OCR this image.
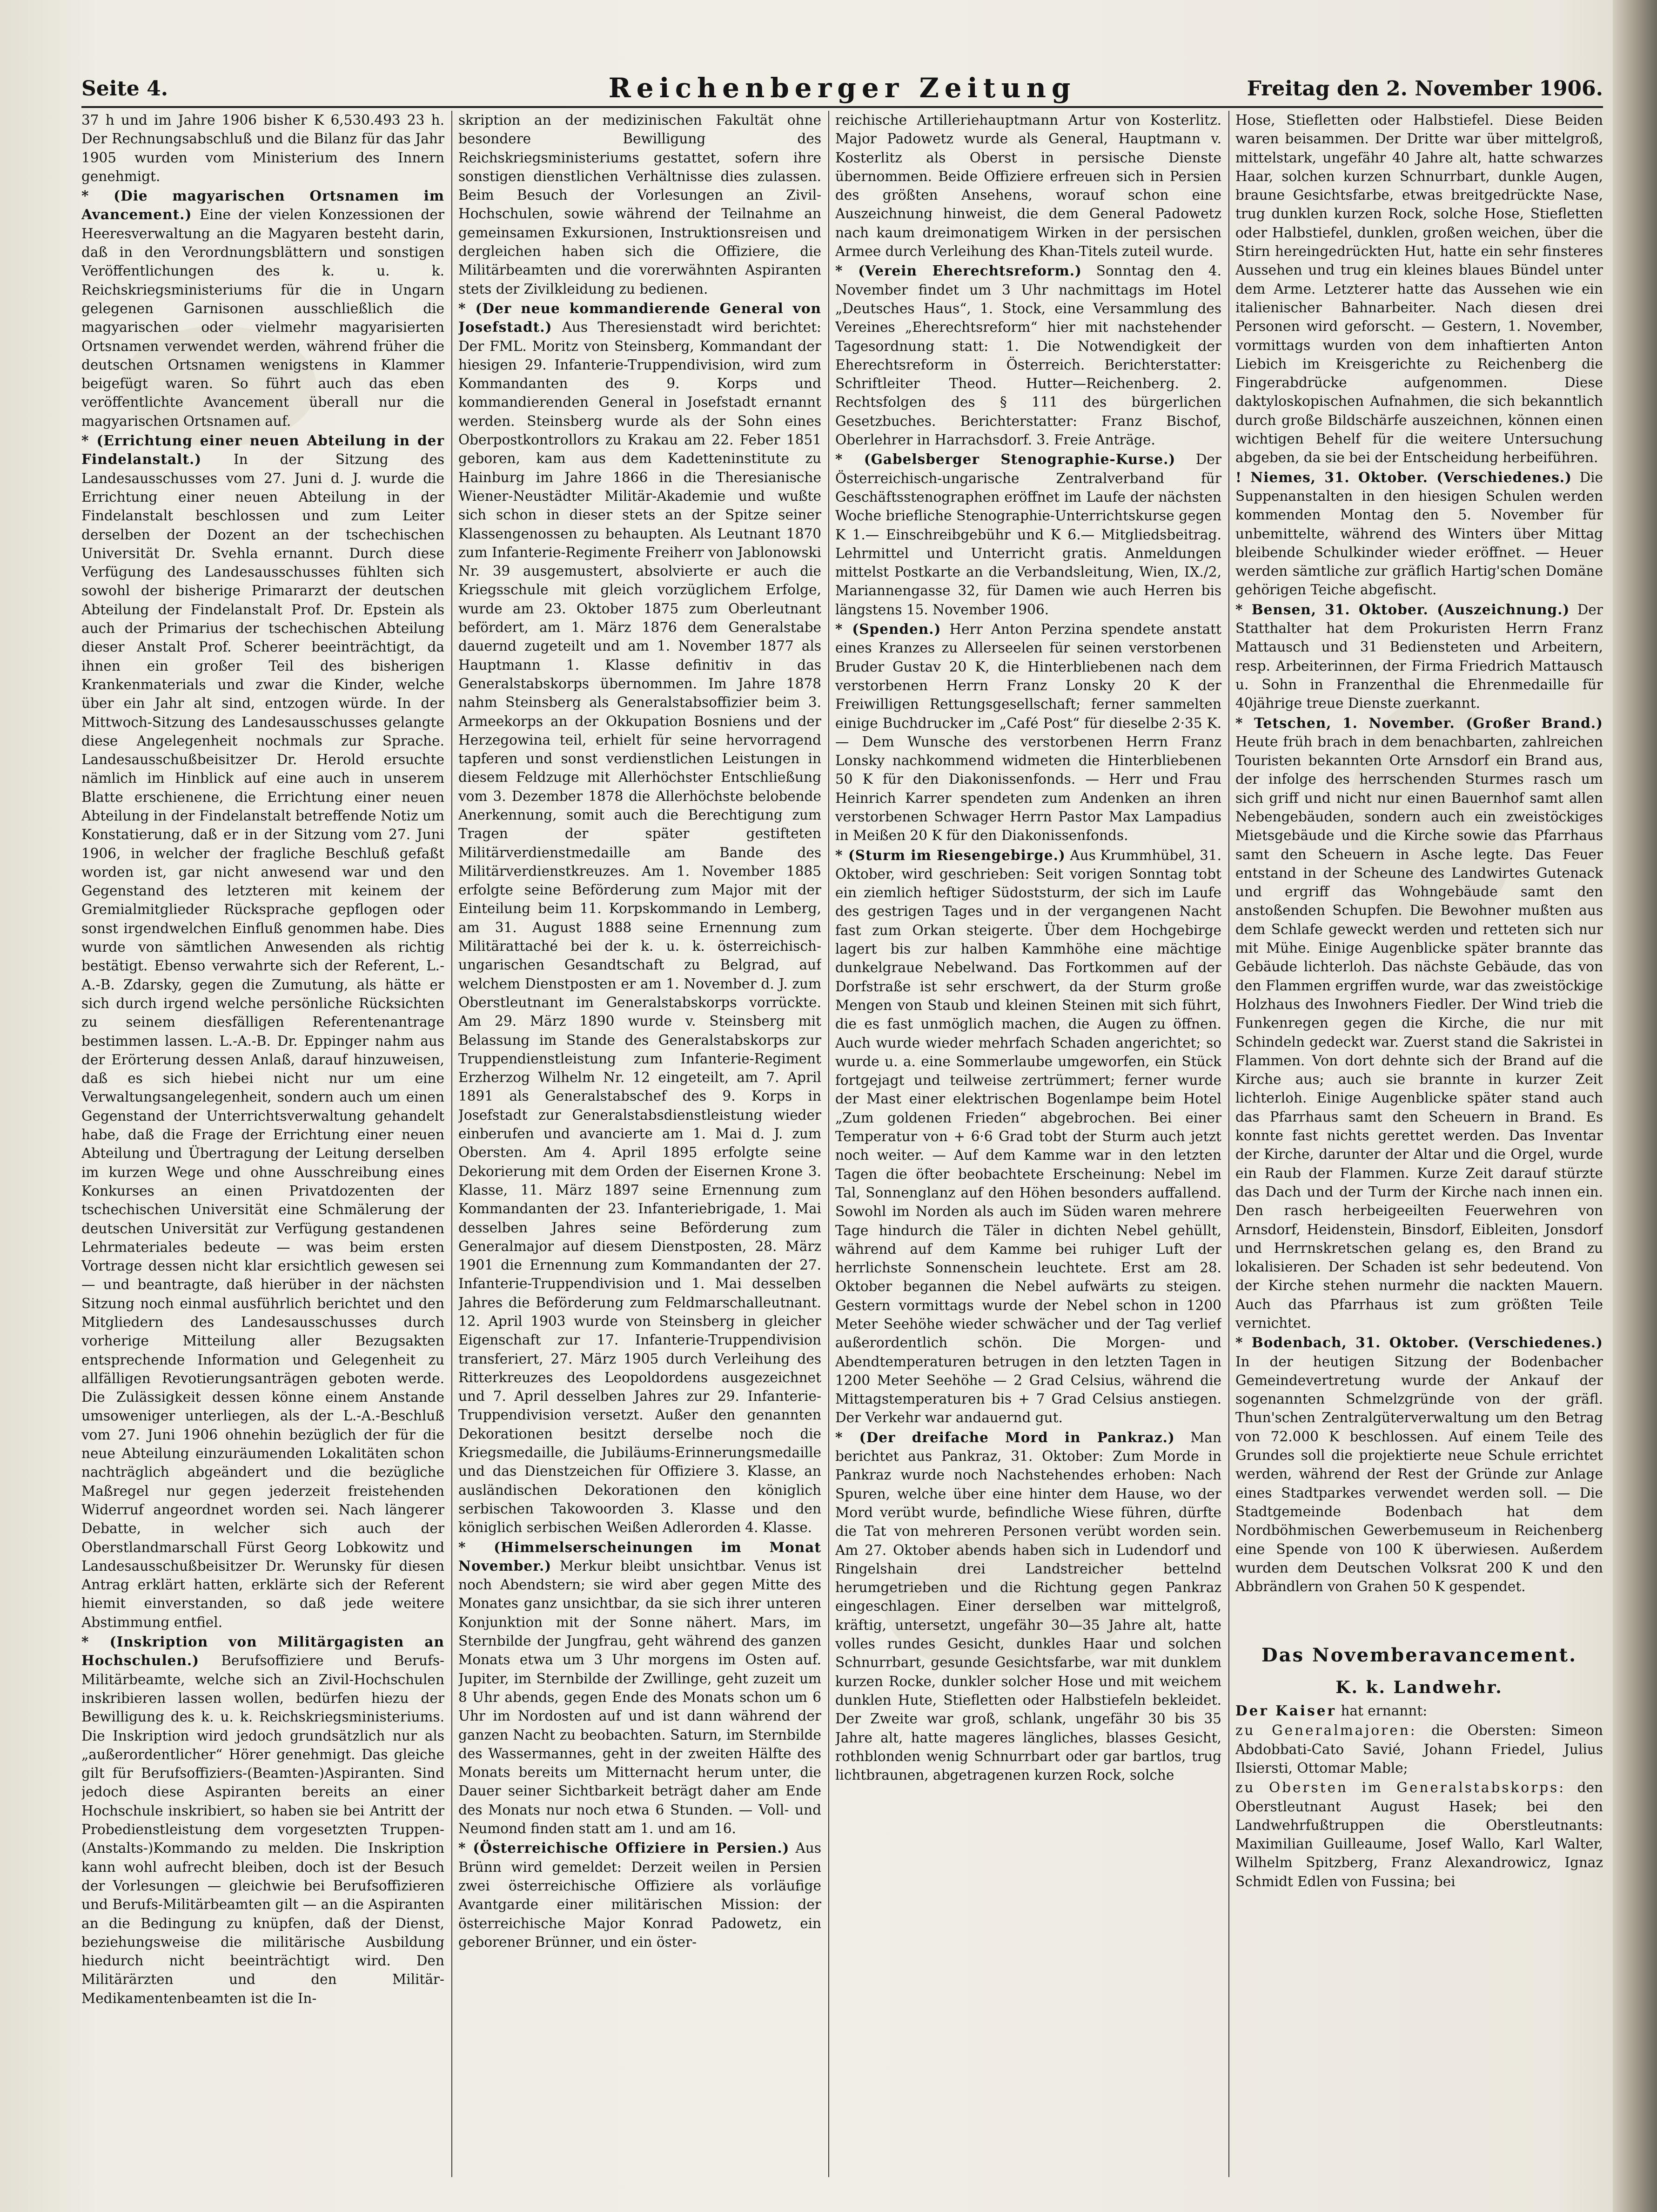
Seite 4.	Reichenberger Zeitung	Freitag den 2. November 1906.

37 h und im Jahre 1906 bisher K 6,530.493 23 h. Der Rechnungsabschluß und die Bilanz für das Jahr 1905 wurden vom Ministerium des Innern genehmigt.

* (Die magyarischen Ortsnamen im Avancement.) Eine der vielen Konzessionen der Heeresverwaltung an die Magyaren besteht darin, daß in den Verordnungsblättern und sonstigen Veröffentlichungen des k. u. k. Reichskriegsministeriums für die in Ungarn gelegenen Garnisonen ausschließlich die magyarischen oder vielmehr magyarisierten Ortsnamen verwendet werden, während früher die deutschen Ortsnamen wenigstens in Klammer beigefügt waren. So führt auch das eben veröffentlichte Avancement überall nur die magyarischen Ortsnamen auf.

* (Errichtung einer neuen Abteilung in der Findelanstalt.) In der Sitzung des Landesausschusses vom 27. Juni d. J. wurde die Errichtung einer neuen Abteilung in der Findelanstalt beschlossen und zum Leiter derselben der Dozent an der tschechischen Universität Dr. Svehla ernannt. Durch diese Verfügung des Landesausschusses fühlten sich sowohl der bisherige Primararzt der deutschen Abteilung der Findelanstalt Prof. Dr. Epstein als auch der Primarius der tschechischen Abteilung dieser Anstalt Prof. Scherer beeinträchtigt, da ihnen ein großer Teil des bisherigen Krankenmaterials und zwar die Kinder, welche über ein Jahr alt sind, entzogen würde. In der Mittwoch-Sitzung des Landesausschusses gelangte diese Angelegenheit nochmals zur Sprache. Landesausschußbeisitzer Dr. Herold ersuchte nämlich im Hinblick auf eine auch in unserem Blatte erschienene, die Errichtung einer neuen Abteilung in der Findelanstalt betreffende Notiz um Konstatierung, daß er in der Sitzung vom 27. Juni 1906, in welcher der fragliche Beschluß gefaßt worden ist, gar nicht anwesend war und den Gegenstand des letzteren mit keinem der Gremialmitglieder Rücksprache gepflogen oder sonst irgendwelchen Einfluß genommen habe. Dies wurde von sämtlichen Anwesenden als richtig bestätigt. Ebenso verwahrte sich der Referent, L.-A.-B. Zdarsky, gegen die Zumutung, als hätte er sich durch irgend welche persönliche Rücksichten zu seinem diesfälligen Referentenantrage bestimmen lassen. L.-A.-B. Dr. Eppinger nahm aus der Erörterung dessen Anlaß, darauf hinzuweisen, daß es sich hiebei nicht nur um eine Verwaltungsangelegenheit, sondern auch um einen Gegenstand der Unterrichtsverwaltung gehandelt habe, daß die Frage der Errichtung einer neuen Abteilung und Übertragung der Leitung derselben im kurzen Wege und ohne Ausschreibung eines Konkurses an einen Privatdozenten der tschechischen Universität eine Schmälerung der deutschen Universität zur Verfügung gestandenen Lehrmateriales bedeute — was beim ersten Vortrage dessen nicht klar ersichtlich gewesen sei — und beantragte, daß hierüber in der nächsten Sitzung noch einmal ausführlich berichtet und den Mitgliedern des Landesausschusses durch vorherige Mitteilung aller Bezugsakten entsprechende Information und Gelegenheit zu allfälligen Revotierungsanträgen geboten werde. Die Zulässigkeit dessen könne einem Anstande umsoweniger unterliegen, als der L.-A.-Beschluß vom 27. Juni 1906 ohnehin bezüglich der für die neue Abteilung einzuräumenden Lokalitäten schon nachträglich abgeändert und die bezügliche Maßregel nur gegen jederzeit freistehenden Widerruf angeordnet worden sei. Nach längerer Debatte, in welcher sich auch der Oberstlandmarschall Fürst Georg Lobkowitz und Landesausschußbeisitzer Dr. Werunsky für diesen Antrag erklärt hatten, erklärte sich der Referent hiemit einverstanden, so daß jede weitere Abstimmung entfiel.

* (Inskription von Militärgagisten an Hochschulen.) Berufsoffiziere und Berufs-Militärbeamte, welche sich an Zivil-Hochschulen inskribieren lassen wollen, bedürfen hiezu der Bewilligung des k. u. k. Reichskriegsministeriums. Die Inskription wird jedoch grundsätzlich nur als „außerordentlicher“ Hörer genehmigt. Das gleiche gilt für Berufsoffiziers-(Beamten-)Aspiranten. Sind jedoch diese Aspiranten bereits an einer Hochschule inskribiert, so haben sie bei Antritt der Probedienstleistung dem vorgesetzten Truppen-(Anstalts-)Kommando zu melden. Die Inskription kann wohl aufrecht bleiben, doch ist der Besuch der Vorlesungen — gleichwie bei Berufsoffizieren und Berufs-Militärbeamten gilt — an die Aspiranten an die Bedingung zu knüpfen, daß der Dienst, beziehungsweise die militärische Ausbildung hiedurch nicht beeinträchtigt wird. Den Militärärzten und den Militär-Medikamentenbeamten ist die In-

skription an der medizinischen Fakultät ohne besondere Bewilligung des Reichskriegsministeriums gestattet, sofern ihre sonstigen dienstlichen Verhältnisse dies zulassen. Beim Besuch der Vorlesungen an Zivil-Hochschulen, sowie während der Teilnahme an gemeinsamen Exkursionen, Instruktionsreisen und dergleichen haben sich die Offiziere, die Militärbeamten und die vorerwähnten Aspiranten stets der Zivilkleidung zu bedienen.

* (Der neue kommandierende General von Josefstadt.) Aus Theresienstadt wird berichtet: Der FML. Moritz von Steinsberg, Kommandant der hiesigen 29. Infanterie-Truppendivision, wird zum Kommandanten des 9. Korps und kommandierenden General in Josefstadt ernannt werden. Steinsberg wurde als der Sohn eines Oberpostkontrollors zu Krakau am 22. Feber 1851 geboren, kam aus dem Kadetteninstitute zu Hainburg im Jahre 1866 in die Theresianische Wiener-Neustädter Militär-Akademie und wußte sich schon in dieser stets an der Spitze seiner Klassengenossen zu behaupten. Als Leutnant 1870 zum Infanterie-Regimente Freiherr von Jablonowski Nr. 39 ausgemustert, absolvierte er auch die Kriegsschule mit gleich vorzüglichem Erfolge, wurde am 23. Oktober 1875 zum Oberleutnant befördert, am 1. März 1876 dem Generalstabe dauernd zugeteilt und am 1. November 1877 als Hauptmann 1. Klasse definitiv in das Generalstabskorps übernommen. Im Jahre 1878 nahm Steinsberg als Generalstabsoffizier beim 3. Armeekorps an der Okkupation Bosniens und der Herzegowina teil, erhielt für seine hervorragend tapferen und sonst verdienstlichen Leistungen in diesem Feldzuge mit Allerhöchster Entschließung vom 3. Dezember 1878 die Allerhöchste belobende Anerkennung, somit auch die Berechtigung zum Tragen der später gestifteten Militärverdienstmedaille am Bande des Militärverdienstkreuzes. Am 1. November 1885 erfolgte seine Beförderung zum Major mit der Einteilung beim 11. Korpskommando in Lemberg, am 31. August 1888 seine Ernennung zum Militärattaché bei der k. u. k. österreichisch-ungarischen Gesandtschaft zu Belgrad, auf welchem Dienstposten er am 1. November d. J. zum Oberstleutnant im Generalstabskorps vorrückte. Am 29. März 1890 wurde v. Steinsberg mit Belassung im Stande des Generalstabskorps zur Truppendienstleistung zum Infanterie-Regiment Erzherzog Wilhelm Nr. 12 eingeteilt, am 7. April 1891 als Generalstabschef des 9. Korps in Josefstadt zur Generalstabsdienstleistung wieder einberufen und avancierte am 1. Mai d. J. zum Obersten. Am 4. April 1895 erfolgte seine Dekorierung mit dem Orden der Eisernen Krone 3. Klasse, 11. März 1897 seine Ernennung zum Kommandanten der 23. Infanteriebrigade, 1. Mai desselben Jahres seine Beförderung zum Generalmajor auf diesem Dienstposten, 28. März 1901 die Ernennung zum Kommandanten der 27. Infanterie-Truppendivision und 1. Mai desselben Jahres die Beförderung zum Feldmarschalleutnant. 12. April 1903 wurde von Steinsberg in gleicher Eigenschaft zur 17. Infanterie-Truppendivision transferiert, 27. März 1905 durch Verleihung des Ritterkreuzes des Leopoldordens ausgezeichnet und 7. April desselben Jahres zur 29. Infanterie-Truppendivision versetzt. Außer den genannten Dekorationen besitzt derselbe noch die Kriegsmedaille, die Jubiläums-Erinnerungsmedaille und das Dienstzeichen für Offiziere 3. Klasse, an ausländischen Dekorationen den königlich serbischen Takowoorden 3. Klasse und den königlich serbischen Weißen Adlerorden 4. Klasse.

* (Himmelserscheinungen im Monat November.) Merkur bleibt unsichtbar. Venus ist noch Abendstern; sie wird aber gegen Mitte des Monates ganz unsichtbar, da sie sich ihrer unteren Konjunktion mit der Sonne nähert. Mars, im Sternbilde der Jungfrau, geht während des ganzen Monats etwa um 3 Uhr morgens im Osten auf. Jupiter, im Sternbilde der Zwillinge, geht zuzeit um 8 Uhr abends, gegen Ende des Monats schon um 6 Uhr im Nordosten auf und ist dann während der ganzen Nacht zu beobachten. Saturn, im Sternbilde des Wassermannes, geht in der zweiten Hälfte des Monats bereits um Mitternacht herum unter, die Dauer seiner Sichtbarkeit beträgt daher am Ende des Monats nur noch etwa 6 Stunden. — Voll- und Neumond finden statt am 1. und am 16.

* (Österreichische Offiziere in Persien.) Aus Brünn wird gemeldet: Derzeit weilen in Persien zwei österreichische Offiziere als vorläufige Avantgarde einer militärischen Mission: der österreichische Major Konrad Padowetz, ein geborener Brünner, und ein öster-

reichische Artilleriehauptmann Artur von Kosterlitz. Major Padowetz wurde als General, Hauptmann v. Kosterlitz als Oberst in persische Dienste übernommen. Beide Offiziere erfreuen sich in Persien des größten Ansehens, worauf schon eine Auszeichnung hinweist, die dem General Padowetz nach kaum dreimonatigem Wirken in der persischen Armee durch Verleihung des Khan-Titels zuteil wurde.

* (Verein Eherechtsreform.) Sonntag den 4. November findet um 3 Uhr nachmittags im Hotel „Deutsches Haus“, 1. Stock, eine Versammlung des Vereines „Eherechtsreform“ hier mit nachstehender Tagesordnung statt: 1. Die Notwendigkeit der Eherechtsreform in Österreich. Berichterstatter: Schriftleiter Theod. Hutter—Reichenberg. 2. Rechtsfolgen des § 111 des bürgerlichen Gesetzbuches. Berichterstatter: Franz Bischof, Oberlehrer in Harrachsdorf. 3. Freie Anträge.

* (Gabelsberger Stenographie-Kurse.) Der Österreichisch-ungarische Zentralverband für Geschäftsstenographen eröffnet im Laufe der nächsten Woche briefliche Stenographie-Unterrichtskurse gegen K 1.— Einschreibgebühr und K 6.— Mitgliedsbeitrag. Lehrmittel und Unterricht gratis. Anmeldungen mittelst Postkarte an die Verbandsleitung, Wien, IX./2, Mariannengasse 32, für Damen wie auch Herren bis längstens 15. November 1906.

* (Spenden.) Herr Anton Perzina spendete anstatt eines Kranzes zu Allerseelen für seinen verstorbenen Bruder Gustav 20 K, die Hinterbliebenen nach dem verstorbenen Herrn Franz Lonsky 20 K der Freiwilligen Rettungsgesellschaft; ferner sammelten einige Buchdrucker im „Café Post“ für dieselbe 2·35 K. — Dem Wunsche des verstorbenen Herrn Franz Lonsky nachkommend widmeten die Hinterbliebenen 50 K für den Diakonissenfonds. — Herr und Frau Heinrich Karrer spendeten zum Andenken an ihren verstorbenen Schwager Herrn Pastor Max Lampadius in Meißen 20 K für den Diakonissenfonds.

* (Sturm im Riesengebirge.) Aus Krummhübel, 31. Oktober, wird geschrieben: Seit vorigen Sonntag tobt ein ziemlich heftiger Südoststurm, der sich im Laufe des gestrigen Tages und in der vergangenen Nacht fast zum Orkan steigerte. Über dem Hochgebirge lagert bis zur halben Kammhöhe eine mächtige dunkelgraue Nebelwand. Das Fortkommen auf der Dorfstraße ist sehr erschwert, da der Sturm große Mengen von Staub und kleinen Steinen mit sich führt, die es fast unmöglich machen, die Augen zu öffnen. Auch wurde wieder mehrfach Schaden angerichtet; so wurde u. a. eine Sommerlaube umgeworfen, ein Stück fortgejagt und teilweise zertrümmert; ferner wurde der Mast einer elektrischen Bogenlampe beim Hotel „Zum goldenen Frieden“ abgebrochen. Bei einer Temperatur von + 6·6 Grad tobt der Sturm auch jetzt noch weiter. — Auf dem Kamme war in den letzten Tagen die öfter beobachtete Erscheinung: Nebel im Tal, Sonnenglanz auf den Höhen besonders auffallend. Sowohl im Norden als auch im Süden waren mehrere Tage hindurch die Täler in dichten Nebel gehüllt, während auf dem Kamme bei ruhiger Luft der herrlichste Sonnenschein leuchtete. Erst am 28. Oktober begannen die Nebel aufwärts zu steigen. Gestern vormittags wurde der Nebel schon in 1200 Meter Seehöhe wieder schwächer und der Tag verlief außerordentlich schön. Die Morgen- und Abendtemperaturen betrugen in den letzten Tagen in 1200 Meter Seehöhe — 2 Grad Celsius, während die Mittagstemperaturen bis + 7 Grad Celsius anstiegen. Der Verkehr war andauernd gut.

* (Der dreifache Mord in Pankraz.) Man berichtet aus Pankraz, 31. Oktober: Zum Morde in Pankraz wurde noch Nachstehendes erhoben: Nach Spuren, welche über eine hinter dem Hause, wo der Mord verübt wurde, befindliche Wiese führen, dürfte die Tat von mehreren Personen verübt worden sein. Am 27. Oktober abends haben sich in Ludendorf und Ringelshain drei Landstreicher bettelnd herumgetrieben und die Richtung gegen Pankraz eingeschlagen. Einer derselben war mittelgroß, kräftig, untersetzt, ungefähr 30—35 Jahre alt, hatte volles rundes Gesicht, dunkles Haar und solchen Schnurrbart, gesunde Gesichtsfarbe, war mit dunklem kurzen Rocke, dunkler solcher Hose und mit weichem dunklen Hute, Stiefletten oder Halbstiefeln bekleidet. Der Zweite war groß, schlank, ungefähr 30 bis 35 Jahre alt, hatte mageres längliches, blasses Gesicht, rothblonden wenig Schnurrbart oder gar bartlos, trug lichtbraunen, abgetragenen kurzen Rock, solche

Hose, Stiefletten oder Halbstiefel. Diese Beiden waren beisammen. Der Dritte war über mittelgroß, mittelstark, ungefähr 40 Jahre alt, hatte schwarzes Haar, solchen kurzen Schnurrbart, dunkle Augen, braune Gesichtsfarbe, etwas breitgedrückte Nase, trug dunklen kurzen Rock, solche Hose, Stiefletten oder Halbstiefel, dunklen, großen weichen, über die Stirn hereingedrückten Hut, hatte ein sehr finsteres Aussehen und trug ein kleines blaues Bündel unter dem Arme. Letzterer hatte das Aussehen wie ein italienischer Bahnarbeiter. Nach diesen drei Personen wird geforscht. — Gestern, 1. November, vormittags wurden von dem inhaftierten Anton Liebich im Kreisgerichte zu Reichenberg die Fingerabdrücke aufgenommen. Diese daktyloskopischen Aufnahmen, die sich bekanntlich durch große Bildschärfe auszeichnen, können einen wichtigen Behelf für die weitere Untersuchung abgeben, da sie bei der Entscheidung herbeiführen.

! Niemes, 31. Oktober. (Verschiedenes.) Die Suppenanstalten in den hiesigen Schulen werden kommenden Montag den 5. November für unbemittelte, während des Winters über Mittag bleibende Schulkinder wieder eröffnet. — Heuer werden sämtliche zur gräflich Hartig'schen Domäne gehörigen Teiche abgefischt.

* Bensen, 31. Oktober. (Auszeichnung.) Der Statthalter hat dem Prokuristen Herrn Franz Mattausch und 31 Bediensteten und Arbeitern, resp. Arbeiterinnen, der Firma Friedrich Mattausch u. Sohn in Franzenthal die Ehrenmedaille für 40jährige treue Dienste zuerkannt.

* Tetschen, 1. November. (Großer Brand.) Heute früh brach in dem benachbarten, zahlreichen Touristen bekannten Orte Arnsdorf ein Brand aus, der infolge des herrschenden Sturmes rasch um sich griff und nicht nur einen Bauernhof samt allen Nebengebäuden, sondern auch ein zweistöckiges Mietsgebäude und die Kirche sowie das Pfarrhaus samt den Scheuern in Asche legte. Das Feuer entstand in der Scheune des Landwirtes Gutenack und ergriff das Wohngebäude samt den anstoßenden Schupfen. Die Bewohner mußten aus dem Schlafe geweckt werden und retteten sich nur mit Mühe. Einige Augenblicke später brannte das Gebäude lichterloh. Das nächste Gebäude, das von den Flammen ergriffen wurde, war das zweistöckige Holzhaus des Inwohners Fiedler. Der Wind trieb die Funkenregen gegen die Kirche, die nur mit Schindeln gedeckt war. Zuerst stand die Sakristei in Flammen. Von dort dehnte sich der Brand auf die Kirche aus; auch sie brannte in kurzer Zeit lichterloh. Einige Augenblicke später stand auch das Pfarrhaus samt den Scheuern in Brand. Es konnte fast nichts gerettet werden. Das Inventar der Kirche, darunter der Altar und die Orgel, wurde ein Raub der Flammen. Kurze Zeit darauf stürzte das Dach und der Turm der Kirche nach innen ein. Den rasch herbeigeeilten Feuerwehren von Arnsdorf, Heidenstein, Binsdorf, Eibleiten, Jonsdorf und Herrnskretschen gelang es, den Brand zu lokalisieren. Der Schaden ist sehr bedeutend. Von der Kirche stehen nurmehr die nackten Mauern. Auch das Pfarrhaus ist zum größten Teile vernichtet.

* Bodenbach, 31. Oktober. (Verschiedenes.) In der heutigen Sitzung der Bodenbacher Gemeindevertretung wurde der Ankauf der sogenannten Schmelzgründe von der gräfl. Thun'schen Zentralgüterverwaltung um den Betrag von 72.000 K beschlossen. Auf einem Teile des Grundes soll die projektierte neue Schule errichtet werden, während der Rest der Gründe zur Anlage eines Stadtparkes verwendet werden soll. — Die Stadtgemeinde Bodenbach hat dem Nordböhmischen Gewerbemuseum in Reichenberg eine Spende von 100 K überwiesen. Außerdem wurden dem Deutschen Volksrat 200 K und den Abbrändlern von Grahen 50 K gespendet.

Das Novemberavancement.
K. k. Landwehr.

Der Kaiser hat ernannt:

zu Generalmajoren: die Obersten: Simeon Abdobbati-Cato Savié, Johann Friedel, Julius Ilsiersti, Ottomar Mable;

zu Obersten im Generalstabskorps: den Oberstleutnant August Hasek; bei den Landwehrfußtruppen die Oberstleutnants: Maximilian Guilleaume, Josef Wallo, Karl Walter, Wilhelm Spitzberg, Franz Alexandrowicz, Ignaz Schmidt Edlen von Fussina; bei
